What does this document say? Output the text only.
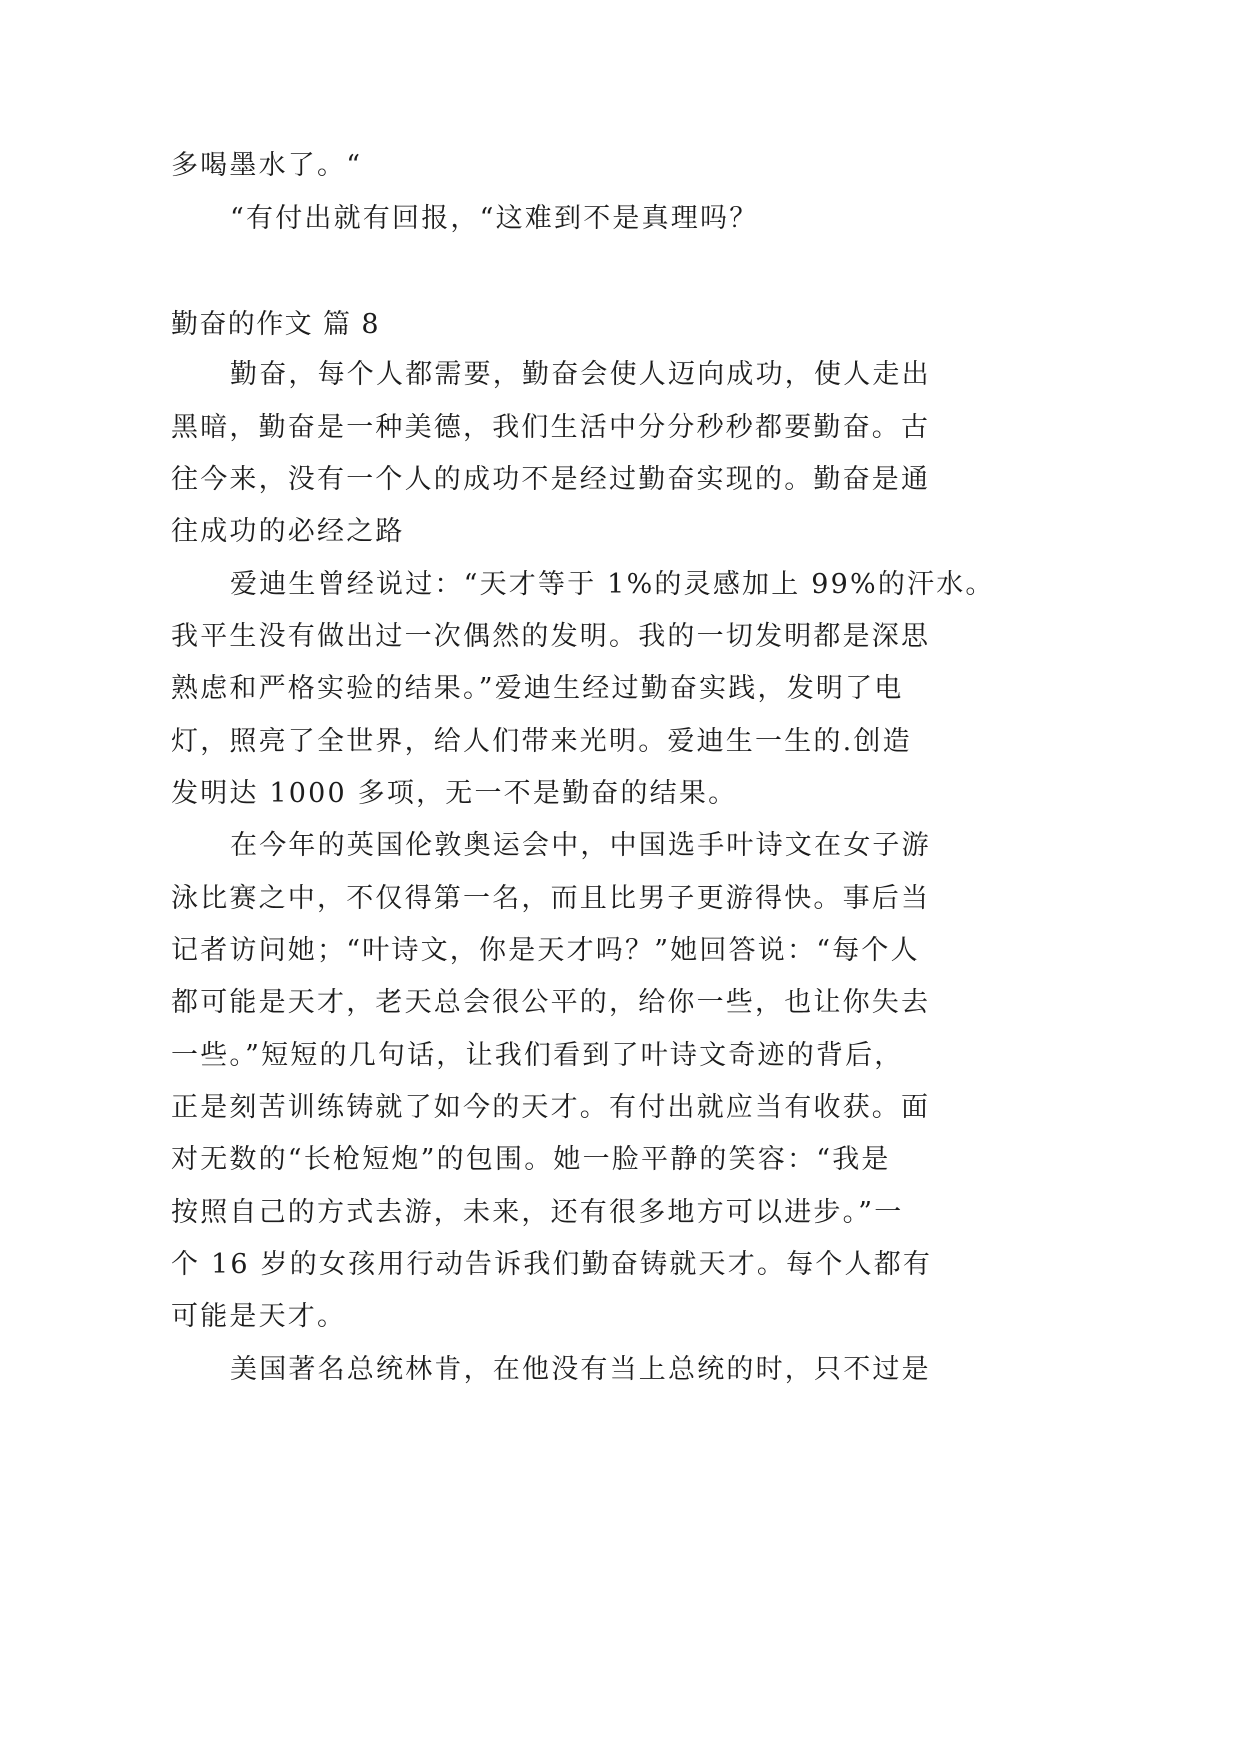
多喝墨水了。“
“有付出就有回报，“这难到不是真理吗？
勤奋的作文 篇 8
勤奋，每个人都需要，勤奋会使人迈向成功，使人走出
黑暗，勤奋是一种美德，我们生活中分分秒秒都要勤奋。古
往今来，没有一个人的成功不是经过勤奋实现的。勤奋是通
往成功的必经之路
爱迪生曾经说过：“天才等于 1%的灵感加上 99%的汗水。
我平生没有做出过一次偶然的发明。我的一切发明都是深思
熟虑和严格实验的结果。”爱迪生经过勤奋实践，发明了电
灯，照亮了全世界，给人们带来光明。爱迪生一生的.创造
发明达 1000 多项，无一不是勤奋的结果。
在今年的英国伦敦奥运会中，中国选手叶诗文在女子游
泳比赛之中，不仅得第一名，而且比男子更游得快。事后当
记者访问她；“叶诗文，你是天才吗？”她回答说：“每个人
都可能是天才，老天总会很公平的，给你一些，也让你失去
一些。”短短的几句话，让我们看到了叶诗文奇迹的背后，
正是刻苦训练铸就了如今的天才。有付出就应当有收获。面
对无数的“长枪短炮”的包围。她一脸平静的笑容：“我是
按照自己的方式去游，未来，还有很多地方可以进步。”一
个 16 岁的女孩用行动告诉我们勤奋铸就天才。每个人都有
可能是天才。
美国著名总统林肯，在他没有当上总统的时，只不过是
